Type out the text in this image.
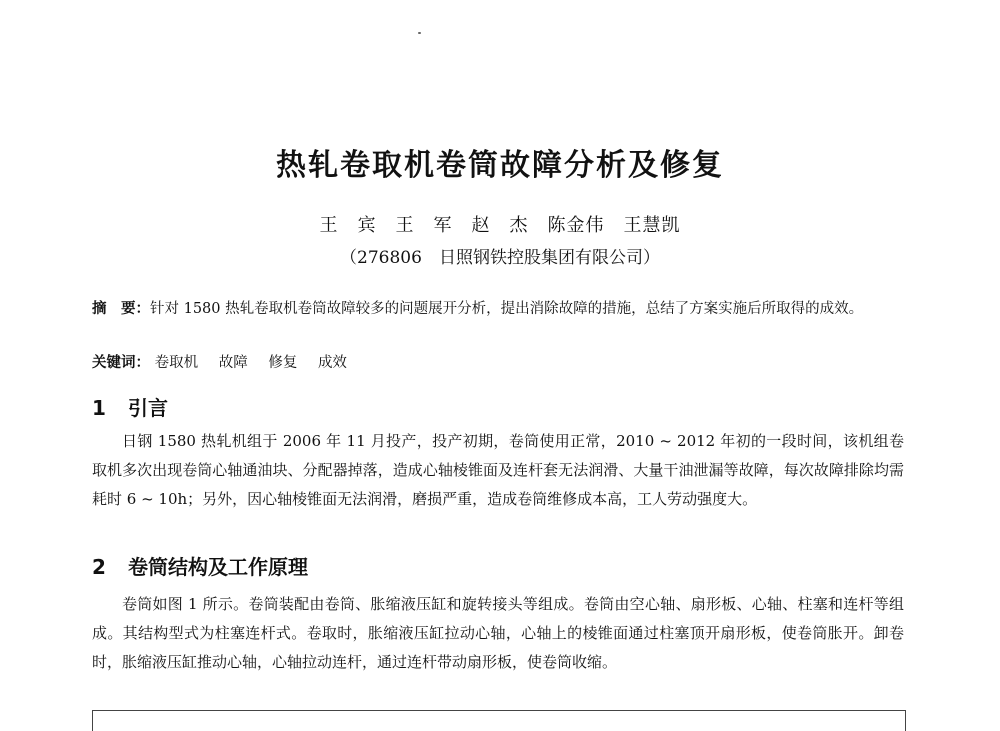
热轧卷取机卷筒故障分析及修复
王　宾　王　军　赵　杰　陈金伟　王慧凯
（276806　日照钢铁控股集团有限公司）
摘　要：针对 1580 热轧卷取机卷筒故障较多的问题展开分析，提出消除故障的措施，总结了方案实施后所取得的成效。
关键词： 卷取机 故障 修复 成效
1 引言

日钢 1580 热轧机组于 2006 年 11 月投产，投产初期，卷筒使用正常，2010 ~ 2012 年初的一段时间，该机组卷取机多次出现卷筒心轴通油块、分配器掉落，造成心轴棱锥面及连杆套无法润滑、大量干油泄漏等故障，每次故障排除均需耗时 6 ~ 10h；另外，因心轴棱锥面无法润滑，磨损严重，造成卷筒维修成本高，工人劳动强度大。

2 卷筒结构及工作原理

卷筒如图 1 所示。卷筒装配由卷筒、胀缩液压缸和旋转接头等组成。卷筒由空心轴、扇形板、心轴、柱塞和连杆等组成。其结构型式为柱塞连杆式。卷取时，胀缩液压缸拉动心轴，心轴上的棱锥面通过柱塞顶开扇形板，使卷筒胀开。卸卷时，胀缩液压缸推动心轴，心轴拉动连杆，通过连杆带动扇形板，使卷筒收缩。
